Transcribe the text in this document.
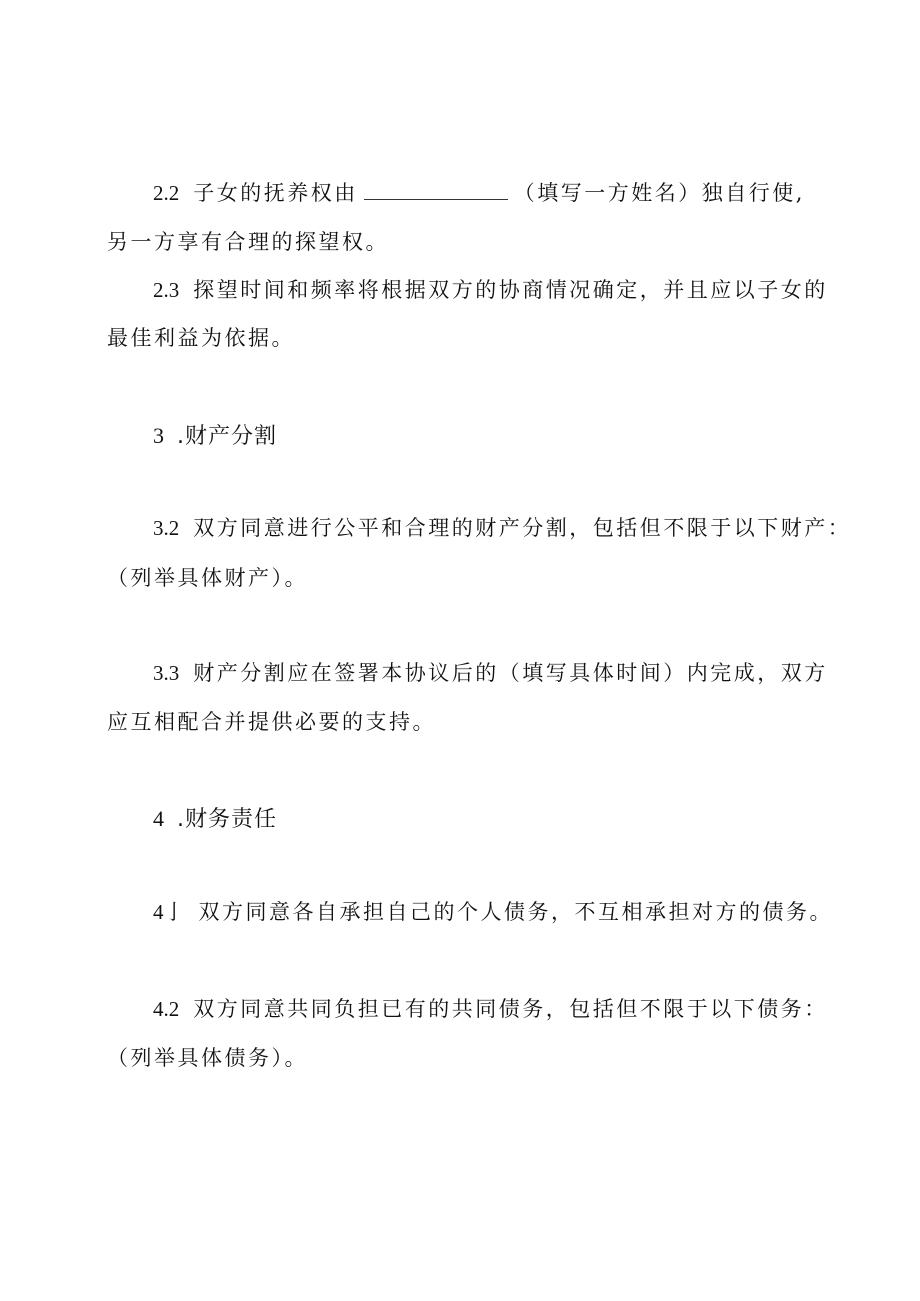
2.2 子女的抚养权由	（填写一方姓名）独自行使,
另一方享有合理的探望权。
2.3 探望时间和频率将根据双方的协商情况确定，并且应以子女的
最佳利益为依据。
3 .财产分割
3.2 双方同意进行公平和合理的财产分割，包括但不限于以下财产：
（列举具体财产）。
3.3 财产分割应在签署本协议后的（填写具体时间）内完成，双方
应互相配合并提供必要的支持。
4 .财务责任
4亅 双方同意各自承担自己的个人债务，不互相承担对方的债务。
4.2 双方同意共同负担已有的共同债务，包括但不限于以下债务：
（列举具体债务）。
